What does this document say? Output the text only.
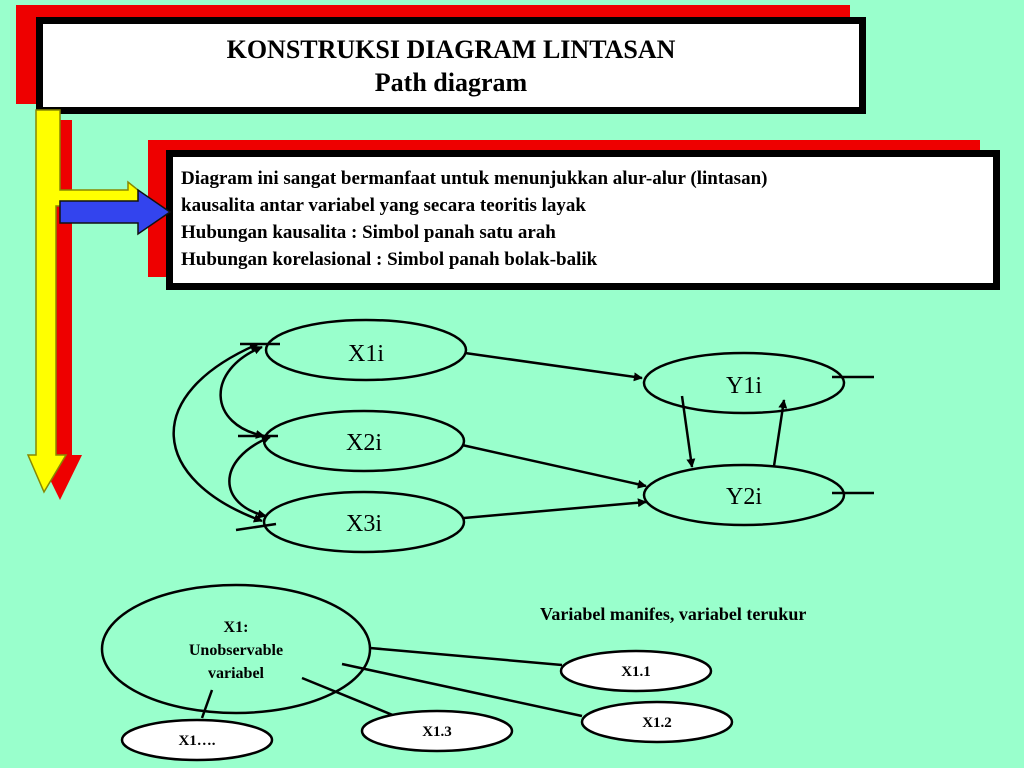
KONSTRUKSI DIAGRAM LINTASAN
Path diagram
Diagram ini sangat bermanfaat untuk menunjukkan alur-alur (lintasan)
kausalita antar variabel yang secara teoritis layak
Hubungan kausalita : Simbol panah satu arah
Hubungan korelasional : Simbol panah bolak-balik
X1i
X2i
X3i
Y1i
Y2i
Variabel manifes, variabel terukur
X1:
Unobservable
variabel	X1.1
X1.2
X1.3
X1….
